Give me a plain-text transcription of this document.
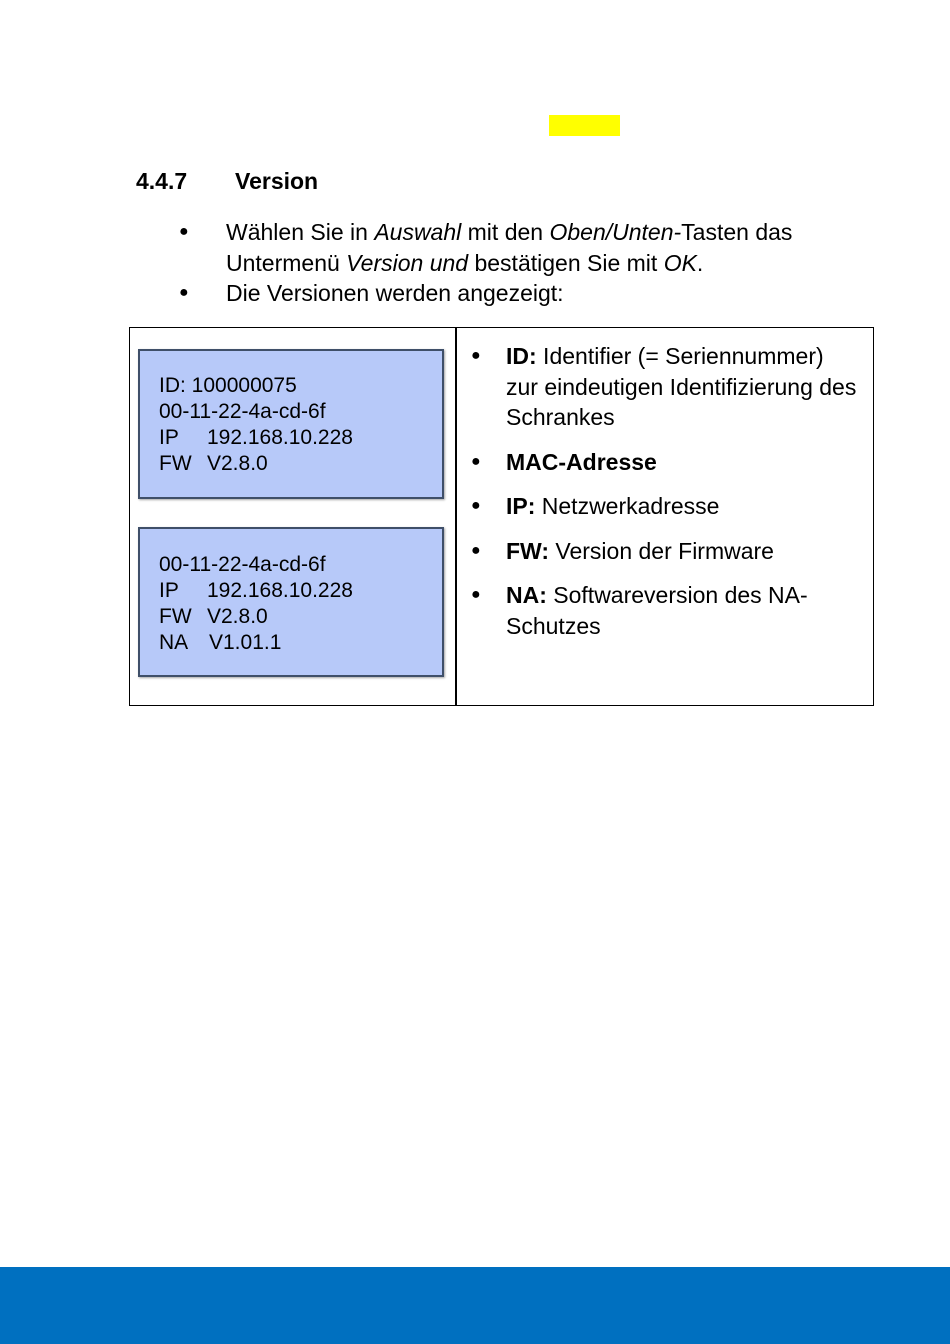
4.4.7 Version
● Wählen Sie in Auswahl mit den Oben/Unten-Tasten das Untermenü Version und bestätigen Sie mit OK.
● Die Versionen werden angezeigt:
ID: 100000075
00-11-22-4a-cd-6f
IP 192.168.10.228
FW V2.8.0
00-11-22-4a-cd-6f
IP 192.168.10.228
FW V2.8.0
NA V1.01.1
● ID: Identifier (= Seriennummer) zur eindeutigen Identifizierung des Schrankes
● MAC-Adresse
● IP: Netzwerkadresse
● FW: Version der Firmware
● NA: Softwareversion des NA-Schutzes
